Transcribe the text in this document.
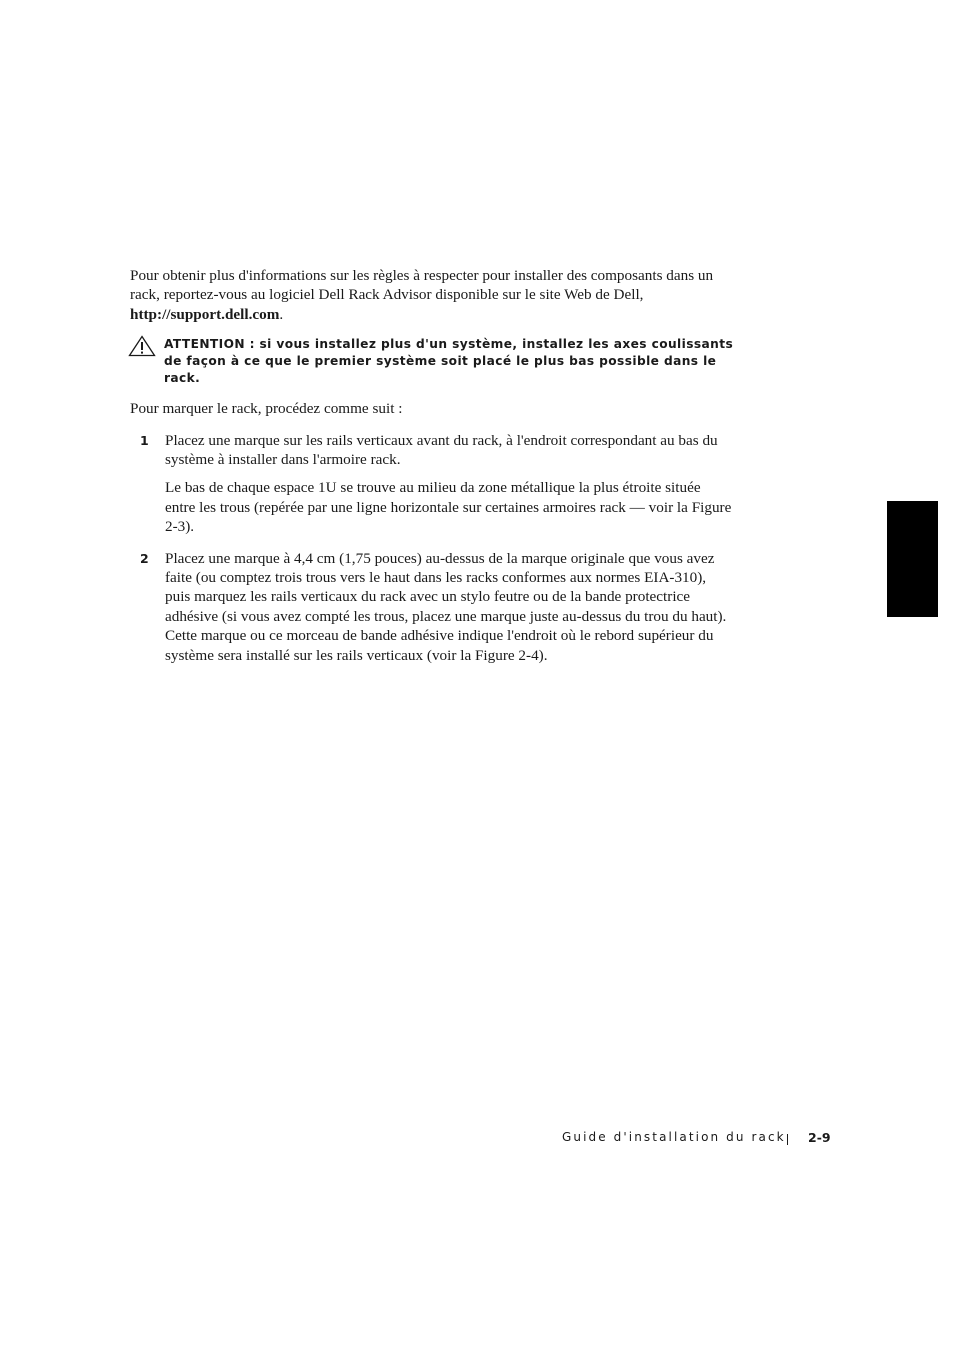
Pour obtenir plus d'informations sur les règles à respecter pour installer des composants dans un rack, reportez-vous au logiciel Dell Rack Advisor disponible sur le site Web de Dell, http://support.dell.com.

ATTENTION : si vous installez plus d'un système, installez les axes coulissants de façon à ce que le premier système soit placé le plus bas possible dans le rack.

Pour marquer le rack, procédez comme suit :

1 Placez une marque sur les rails verticaux avant du rack, à l'endroit correspondant au bas du système à installer dans l'armoire rack.

Le bas de chaque espace 1U se trouve au milieu da zone métallique la plus étroite située entre les trous (repérée par une ligne horizontale sur certaines armoires rack — voir la Figure 2-3).

2 Placez une marque à 4,4 cm (1,75 pouces) au-dessus de la marque originale que vous avez faite (ou comptez trois trous vers le haut dans les racks conformes aux normes EIA-310), puis marquez les rails verticaux du rack avec un stylo feutre ou de la bande protectrice adhésive (si vous avez compté les trous, placez une marque juste au-dessus du trou du haut). Cette marque ou ce morceau de bande adhésive indique l'endroit où le rebord supérieur du système sera installé sur les rails verticaux (voir la Figure 2-4).

Guide d'installation du rack 2-9
